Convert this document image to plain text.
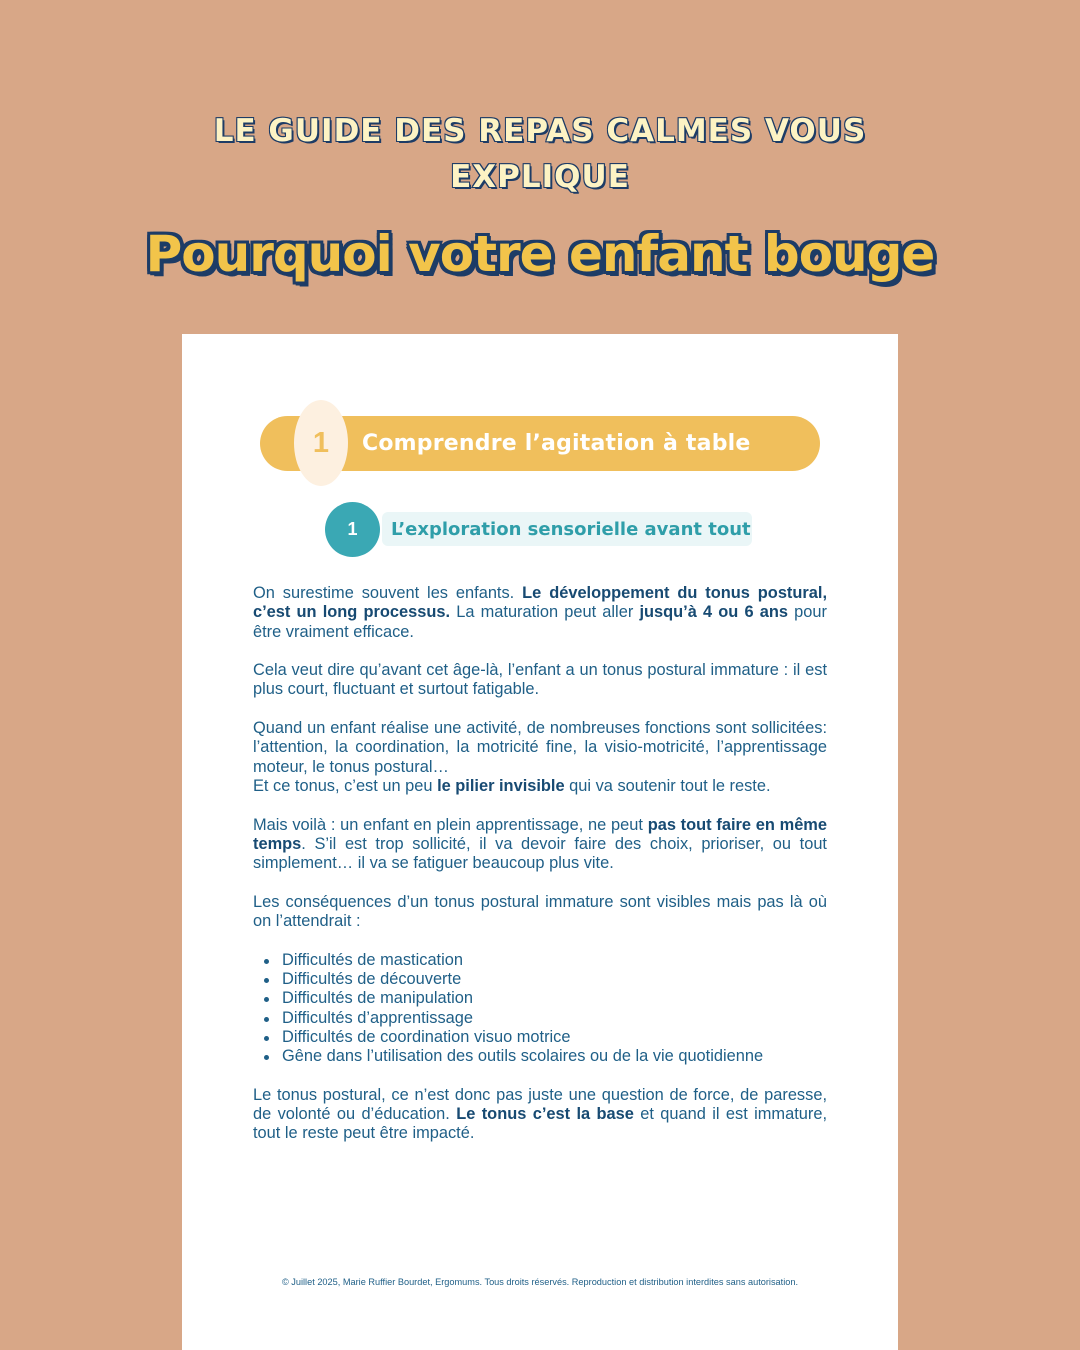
LE GUIDE DES REPAS CALMES VOUS EXPLIQUE
Pourquoi votre enfant bouge
1	Comprendre l’agitation à table
1	L’exploration sensorielle avant tout

On surestime souvent les enfants. Le développement du tonus postural, c’est un long processus. La maturation peut aller jusqu’à 4 ou 6 ans pour être vraiment efficace.

Cela veut dire qu’avant cet âge-là, l’enfant a un tonus postural immature : il est plus court, fluctuant et surtout fatigable.

Quand un enfant réalise une activité, de nombreuses fonctions sont sollicitées: l’attention, la coordination, la motricité fine, la visio-motricité, l’apprentissage moteur, le tonus postural…
Et ce tonus, c’est un peu le pilier invisible qui va soutenir tout le reste.

Mais voilà : un enfant en plein apprentissage, ne peut pas tout faire en même temps. S’il est trop sollicité, il va devoir faire des choix, prioriser, ou tout simplement… il va se fatiguer beaucoup plus vite.

Les conséquences d’un tonus postural immature sont visibles mais pas là où on l’attendrait :

Difficultés de mastication
Difficultés de découverte
Difficultés de manipulation
Difficultés d’apprentissage
Difficultés de coordination visuo motrice
Gêne dans l’utilisation des outils scolaires ou de la vie quotidienne

Le tonus postural, ce n’est donc pas juste une question de force, de paresse, de volonté ou d’éducation. Le tonus c’est la base et quand il est immature, tout le reste peut être impacté.

© Juillet 2025, Marie Ruffier Bourdet, Ergomums. Tous droits réservés. Reproduction et distribution interdites sans autorisation.
